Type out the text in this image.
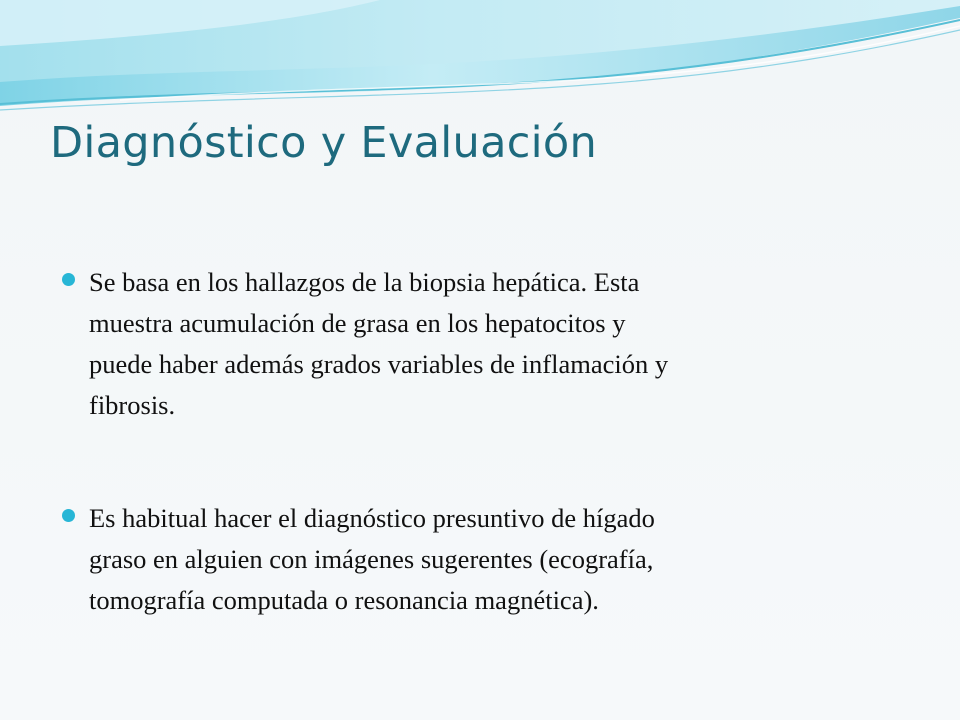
Diagnóstico y Evaluación
Se basa en los hallazgos de la biopsia hepática. Esta
muestra acumulación de grasa en los hepatocitos y
puede haber además grados variables de inflamación y
fibrosis.
Es habitual hacer el diagnóstico presuntivo de hígado
graso en alguien con imágenes sugerentes (ecografía,
tomografía computada o resonancia magnética).
